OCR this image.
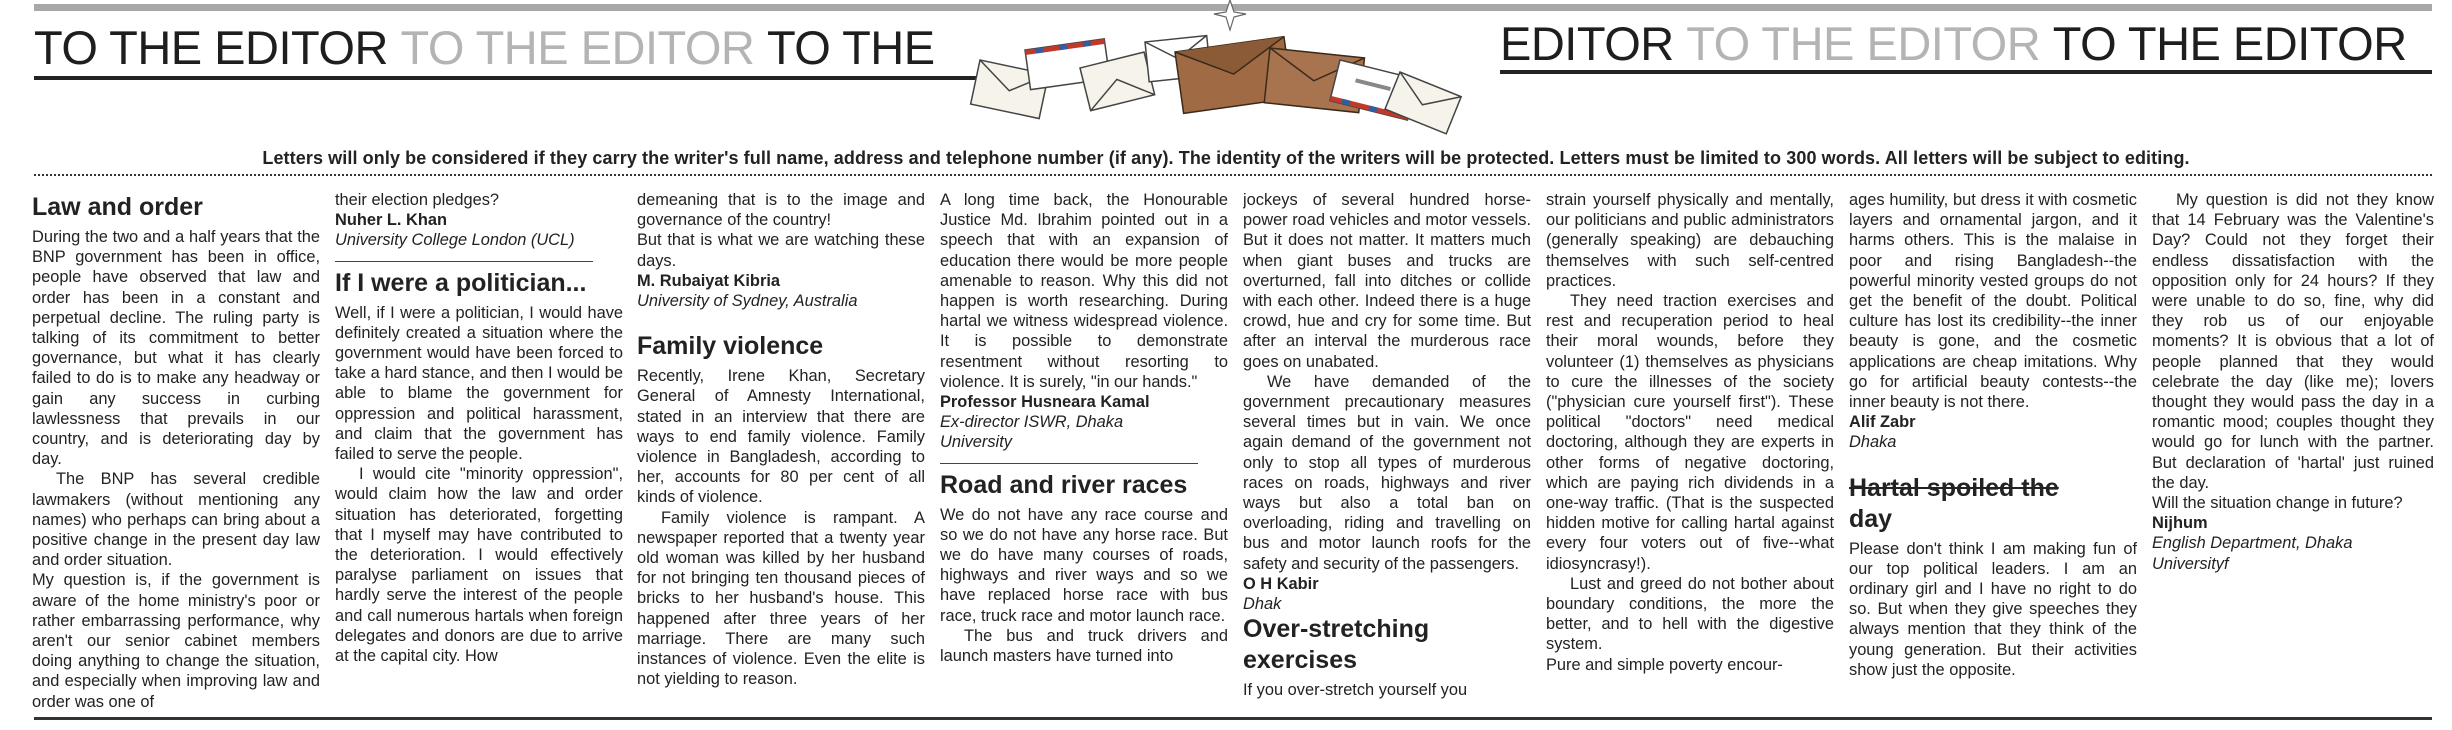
TO THE EDITOR TO THE EDITOR TO THE	EDITOR TO THE EDITOR TO THE EDITOR
Letters will only be considered if they carry the writer's full name, address and telephone number (if any). The identity of the writers will be protected. Letters must be limited to 300 words. All letters will be subject to editing.
Law and order

During the two and a half years that the BNP government has been in office, people have observed that law and order has been in a constant and perpetual decline. The ruling party is talking of its commitment to better governance, but what it has clearly failed to do is to make any headway or gain any success in curbing lawlessness that prevails in our country, and is deteriorating day by day.

The BNP has several credible lawmakers (without mentioning any names) who perhaps can bring about a positive change in the present day law and order situation.

My question is, if the government is aware of the home ministry's poor or rather embarrassing performance, why aren't our senior cabinet members doing anything to change the situation, and especially when improving law and order was one of

their election pledges?

Nuher L. Khan

University College London (UCL)

If I were a politician...

Well, if I were a politician, I would have definitely created a situation where the government would have been forced to take a hard stance, and then I would be able to blame the government for oppression and political harassment, and claim that the government has failed to serve the people.

I would cite "minority oppression", would claim how the law and order situation has deteriorated, forgetting that I myself may have contributed to the deterioration. I would effectively paralyse parliament on issues that hardly serve the interest of the people and call numerous hartals when foreign delegates and donors are due to arrive at the capital city. How

demeaning that is to the image and governance of the country!

But that is what we are watching these days.

M. Rubaiyat Kibria

University of Sydney, Australia

Family violence

Recently, Irene Khan, Secretary General of Amnesty International, stated in an interview that there are ways to end family violence. Family violence in Bangladesh, according to her, accounts for 80 per cent of all kinds of violence.

Family violence is rampant. A newspaper reported that a twenty year old woman was killed by her husband for not bringing ten thousand pieces of bricks to her husband's house. This happened after three years of her marriage. There are many such instances of violence. Even the elite is not yielding to reason.

A long time back, the Honourable Justice Md. Ibrahim pointed out in a speech that with an expansion of education there would be more people amenable to reason. Why this did not happen is worth researching. During hartal we witness widespread violence. It is possible to demonstrate resentment without resorting to violence. It is surely, "in our hands."

Professor Husneara Kamal

Ex-director ISWR, Dhaka

University

Road and river races

We do not have any race course and so we do not have any horse race. But we do have many courses of roads, highways and river ways and so we have replaced horse race with bus race, truck race and motor launch race.

The bus and truck drivers and launch masters have turned into

jockeys of several hundred horse-power road vehicles and motor vessels. But it does not matter. It matters much when giant buses and trucks are overturned, fall into ditches or collide with each other. Indeed there is a huge crowd, hue and cry for some time. But after an interval the murderous race goes on unabated.

We have demanded of the government precautionary measures several times but in vain. We once again demand of the government not only to stop all types of murderous races on roads, highways and river ways but also a total ban on overloading, riding and travelling on bus and motor launch roofs for the safety and security of the passengers.

O H Kabir

Dhak

Over-stretching exercises

If you over-stretch yourself you

strain yourself physically and mentally, our politicians and public administrators (generally speaking) are debauching themselves with such self-centred practices.

They need traction exercises and rest and recuperation period to heal their moral wounds, before they volunteer (1) themselves as physicians to cure the illnesses of the society ("physician cure yourself first"). These political "doctors" need medical doctoring, although they are experts in other forms of negative doctoring, which are paying rich dividends in a one-way traffic. (That is the suspected hidden motive for calling hartal against every four voters out of five--what idiosyncrasy!).

Lust and greed do not bother about boundary conditions, the more the better, and to hell with the digestive system.

Pure and simple poverty encour-

ages humility, but dress it with cosmetic layers and ornamental jargon, and it harms others. This is the malaise in poor and rising Bangladesh--the powerful minority vested groups do not get the benefit of the doubt. Political culture has lost its credibility--the inner beauty is gone, and the cosmetic applications are cheap imitations. Why go for artificial beauty contests--the inner beauty is not there.

Alif Zabr

Dhaka

Hartal spoiled the
day

Please don't think I am making fun of our top political leaders. I am an ordinary girl and I have no right to do so. But when they give speeches they always mention that they think of the young generation. But their activities show just the opposite.

My question is did not they know that 14 February was the Valentine's Day? Could not they forget their endless dissatisfaction with the opposition only for 24 hours? If they were unable to do so, fine, why did they rob us of our enjoyable moments? It is obvious that a lot of people planned that they would celebrate the day (like me); lovers thought they would pass the day in a romantic mood; couples thought they would go for lunch with the partner. But declaration of 'hartal' just ruined the day.

Will the situation change in future?

Nijhum

English Department, Dhaka

Universityf
